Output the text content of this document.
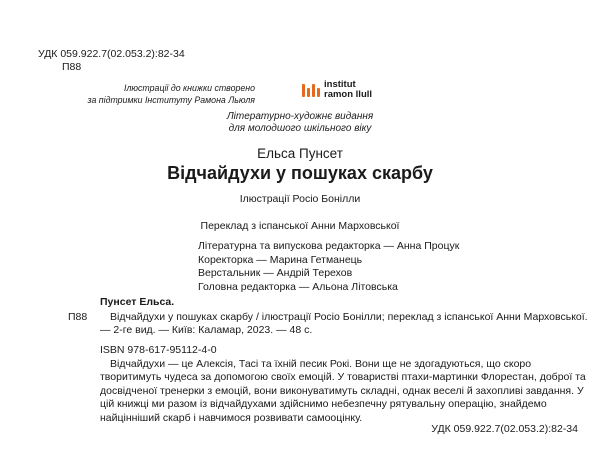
УДК 059.922.7(02.053.2):82-34
П88
Ілюстрації до книжки створено
за підтримки Інституту Рамона Льюля
institut
ramon llull
Літературно-художнє видання
для молодшого шкільного віку
Ельса Пунсет
Відчайдухи у пошуках скарбу
Ілюстрації Росіо Бонілли
Переклад з іспанської Анни Марховської
Літературна та випускова редакторка — Анна Процук
Коректорка — Марина Гетманець
Верстальник — Андрій Терехов
Головна редакторка — Альона Літовська
Пунсет Ельса.
П88	Відчайдухи у пошуках скарбу / ілюстрації Росіо Бонілли; переклад з іспанської Анни Марховської. — 2-ге вид. — Київ: Каламар, 2023. — 48 с.
ISBN 978-617-95112-4-0
Відчайдухи — це Алексія, Тасі та їхній песик Рокі. Вони ще не здогадуються, що скоро творитимуть чудеса за допомогою своїх емоцій. У товаристві птахи-мартинки Флорестан, доброї та досвідченої тренерки з емоцій, вони виконуватимуть складні, однак веселі й захопливі завдання. У цій книжці ми разом із відчайдухами здійснимо небезпечну рятувальну операцію, знайдемо найцінніший скарб і навчимося розвивати самооцінку.
УДК 059.922.7(02.053.2):82-34
